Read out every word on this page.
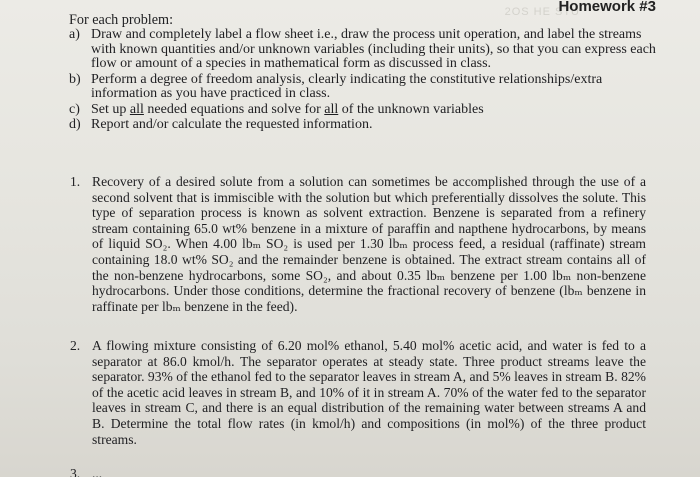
2OS HE STU
Homework #3
For each problem:
a) Draw and completely label a flow sheet i.e., draw the process unit operation, and label the streams with known quantities and/or unknown variables (including their units), so that you can express each flow or amount of a species in mathematical form as discussed in class.
b) Perform a degree of freedom analysis, clearly indicating the constitutive relationships/extra information as you have practiced in class.
c) Set up all needed equations and solve for all of the unknown variables
d) Report and/or calculate the requested information.
1. Recovery of a desired solute from a solution can sometimes be accomplished through the use of a second solvent that is immiscible with the solution but which preferentially dissolves the solute. This type of separation process is known as solvent extraction. Benzene is separated from a refinery stream containing 65.0 wt% benzene in a mixture of paraffin and napthene hydrocarbons, by means of liquid SO₂. When 4.00 lbₘ SO₂ is used per 1.30 lbₘ process feed, a residual (raffinate) stream containing 18.0 wt% SO₂ and the remainder benzene is obtained. The extract stream contains all of the non-benzene hydrocarbons, some SO₂, and about 0.35 lbₘ benzene per 1.00 lbₘ non-benzene hydrocarbons. Under those conditions, determine the fractional recovery of benzene (lbₘ benzene in raffinate per lbₘ benzene in the feed).
2. A flowing mixture consisting of 6.20 mol% ethanol, 5.40 mol% acetic acid, and water is fed to a separator at 86.0 kmol/h. The separator operates at steady state. Three product streams leave the separator. 93% of the ethanol fed to the separator leaves in stream A, and 5% leaves in stream B. 82% of the acetic acid leaves in stream B, and 10% of it in stream A. 70% of the water fed to the separator leaves in stream C, and there is an equal distribution of the remaining water between streams A and B. Determine the total flow rates (in kmol/h) and compositions (in mol%) of the three product streams.
3. ...
